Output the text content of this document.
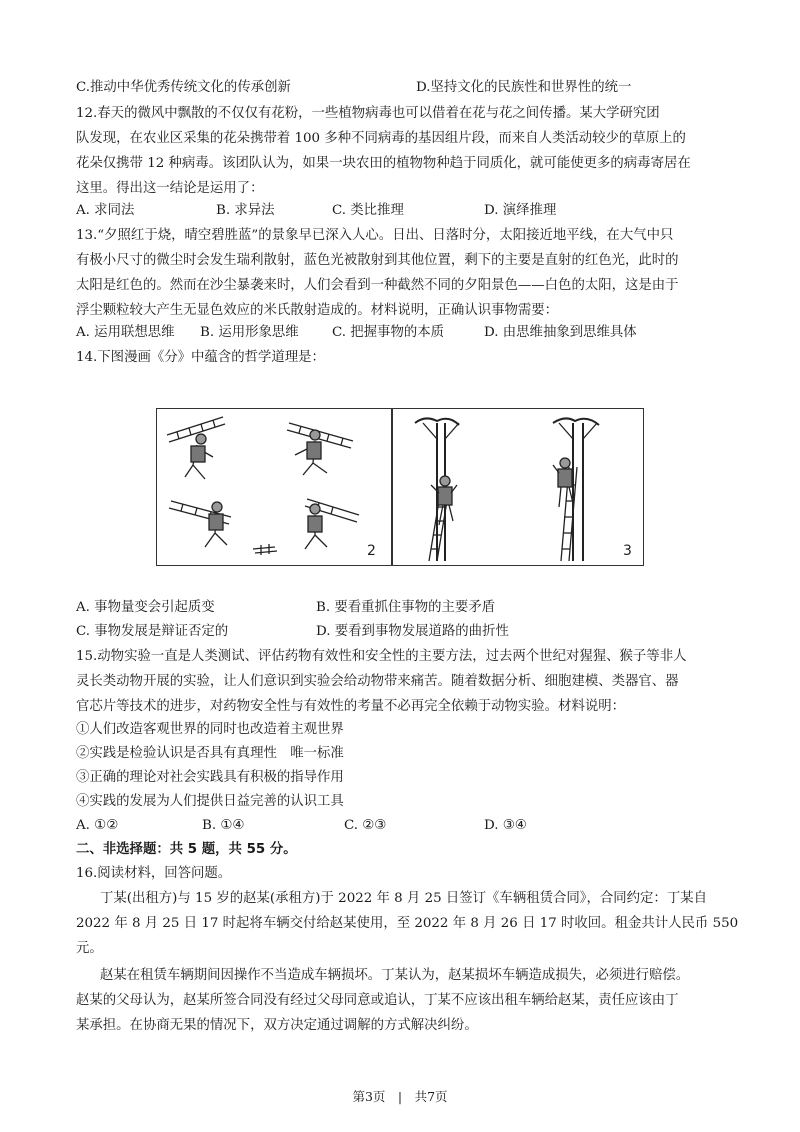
C.推动中华优秀传统文化的传承创新	D.坚持文化的民族性和世界性的统一
12.春天的微风中飘散的不仅仅有花粉，一些植物病毒也可以借着在花与花之间传播。某大学研究团
队发现，在农业区采集的花朵携带着 100 多种不同病毒的基因组片段，而来自人类活动较少的草原上的
花朵仅携带 12 种病毒。该团队认为，如果一块农田的植物物种趋于同质化，就可能使更多的病毒寄居在
这里。得出这一结论是运用了：
A. 求同法	B. 求异法	C. 类比推理	D. 演绎推理
13.“夕照红于烧，晴空碧胜蓝”的景象早已深入人心。日出、日落时分，太阳接近地平线，在大气中只
有极小尺寸的微尘时会发生瑞利散射，蓝色光被散射到其他位置，剩下的主要是直射的红色光，此时的
太阳是红色的。然而在沙尘暴袭来时，人们会看到一种截然不同的夕阳景色——白色的太阳，这是由于
浮尘颗粒较大产生无显色效应的米氏散射造成的。材料说明，正确认识事物需要：
A. 运用联想思维 B. 运用形象思维 C. 把握事物的本质	D. 由思维抽象到思维具体
14.下图漫画《分》中蕴含的哲学道理是：
2	3
A. 事物量变会引起质变	B. 要看重抓住事物的主要矛盾
C. 事物发展是辩证否定的	D. 要看到事物发展道路的曲折性
15.动物实验一直是人类测试、评估药物有效性和安全性的主要方法，过去两个世纪对猩猩、猴子等非人
灵长类动物开展的实验，让人们意识到实验会给动物带来痛苦。随着数据分析、细胞建模、类器官、器
官芯片等技术的进步，对药物安全性与有效性的考量不必再完全依赖于动物实验。材料说明：
①人们改造客观世界的同时也改造着主观世界
②实践是检验认识是否具有真理性　唯一标准
③正确的理论对社会实践具有积极的指导作用
④实践的发展为人们提供日益完善的认识工具
A. ①②	B. ①④	C. ②③	D. ③④
二、非选择题：共 5 题，共 55 分。
16.阅读材料，回答问题。
丁某(出租方)与 15 岁的赵某(承租方)于 2022 年 8 月 25 日签订《车辆租赁合同》，合同约定：丁某自
2022 年 8 月 25 日 17 时起将车辆交付给赵某使用，至 2022 年 8 月 26 日 17 时收回。租金共计人民币 550
元。
赵某在租赁车辆期间因操作不当造成车辆损坏。丁某认为，赵某损坏车辆造成损失，必须进行赔偿。
赵某的父母认为，赵某所签合同没有经过父母同意或追认，丁某不应该出租车辆给赵某，责任应该由丁
某承担。在协商无果的情况下，双方决定通过调解的方式解决纠纷。
第3页　|　共7页
